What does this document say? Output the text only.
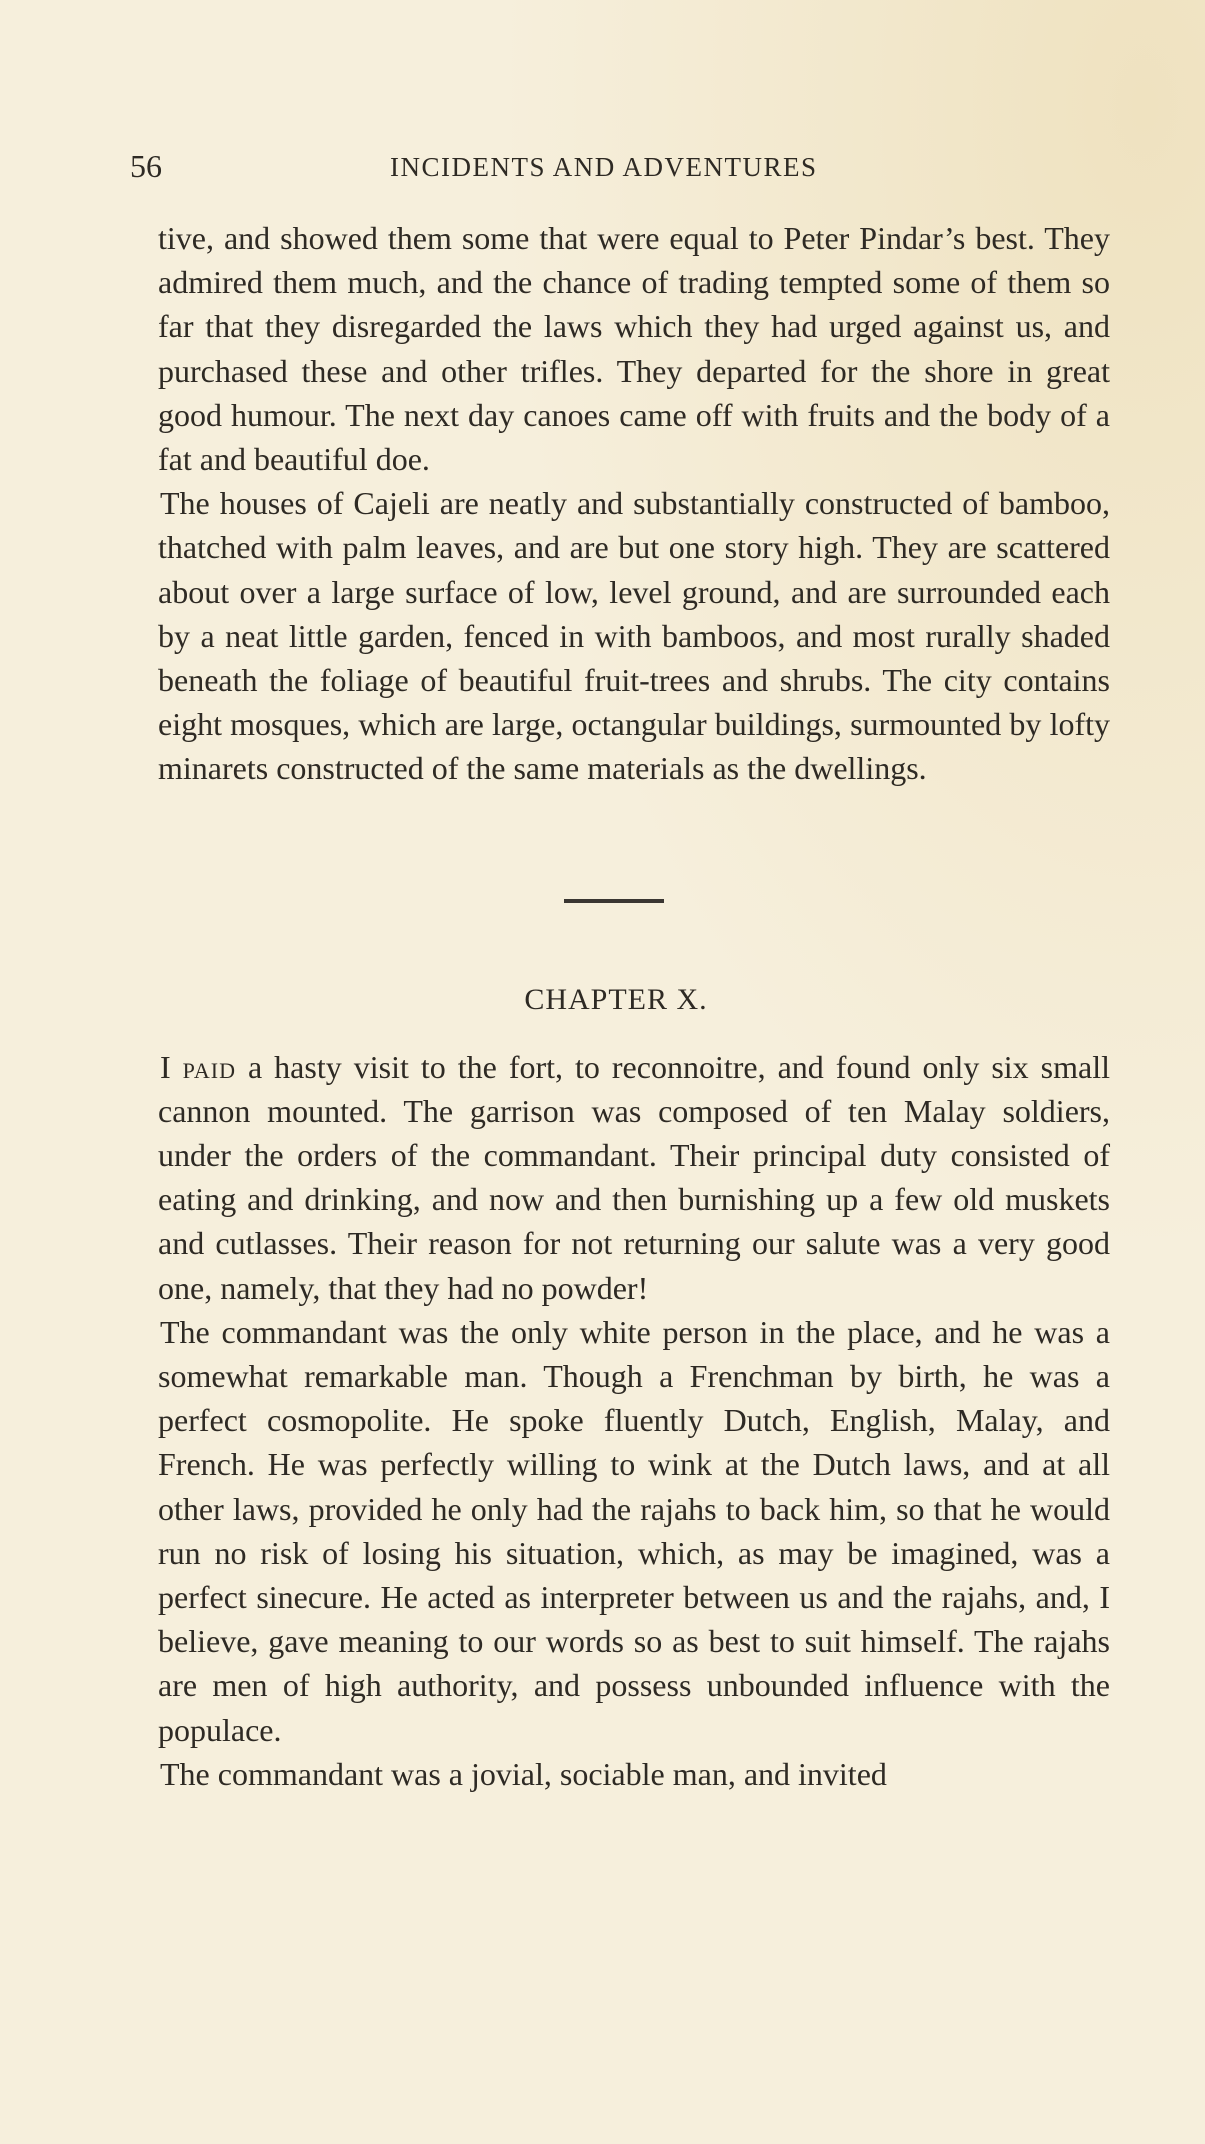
56	INCIDENTS AND ADVENTURES

tive, and showed them some that were equal to Peter Pindar’s best. They admired them much, and the chance of trading tempted some of them so far that they disregarded the laws which they had urged against us, and purchased these and other trifles. They departed for the shore in great good humour. The next day canoes came off with fruits and the body of a fat and beautiful doe.

The houses of Cajeli are neatly and substantially constructed of bamboo, thatched with palm leaves, and are but one story high. They are scattered about over a large surface of low, level ground, and are surrounded each by a neat little garden, fenced in with bamboos, and most rurally shaded beneath the foliage of beautiful fruit-trees and shrubs. The city contains eight mosques, which are large, octangular buildings, surmounted by lofty minarets constructed of the same materials as the dwellings.

CHAPTER X.

I paid a hasty visit to the fort, to reconnoitre, and found only six small cannon mounted. The garrison was composed of ten Malay soldiers, under the orders of the commandant. Their principal duty consisted of eating and drinking, and now and then burnishing up a few old muskets and cutlasses. Their reason for not returning our salute was a very good one, namely, that they had no powder!

The commandant was the only white person in the place, and he was a somewhat remarkable man. Though a Frenchman by birth, he was a perfect cosmopolite. He spoke fluently Dutch, English, Malay, and French. He was perfectly willing to wink at the Dutch laws, and at all other laws, provided he only had the rajahs to back him, so that he would run no risk of losing his situation, which, as may be imagined, was a perfect sinecure. He acted as interpreter between us and the rajahs, and, I believe, gave meaning to our words so as best to suit himself. The rajahs are men of high authority, and possess unbounded influence with the populace.

The commandant was a jovial, sociable man, and invited
